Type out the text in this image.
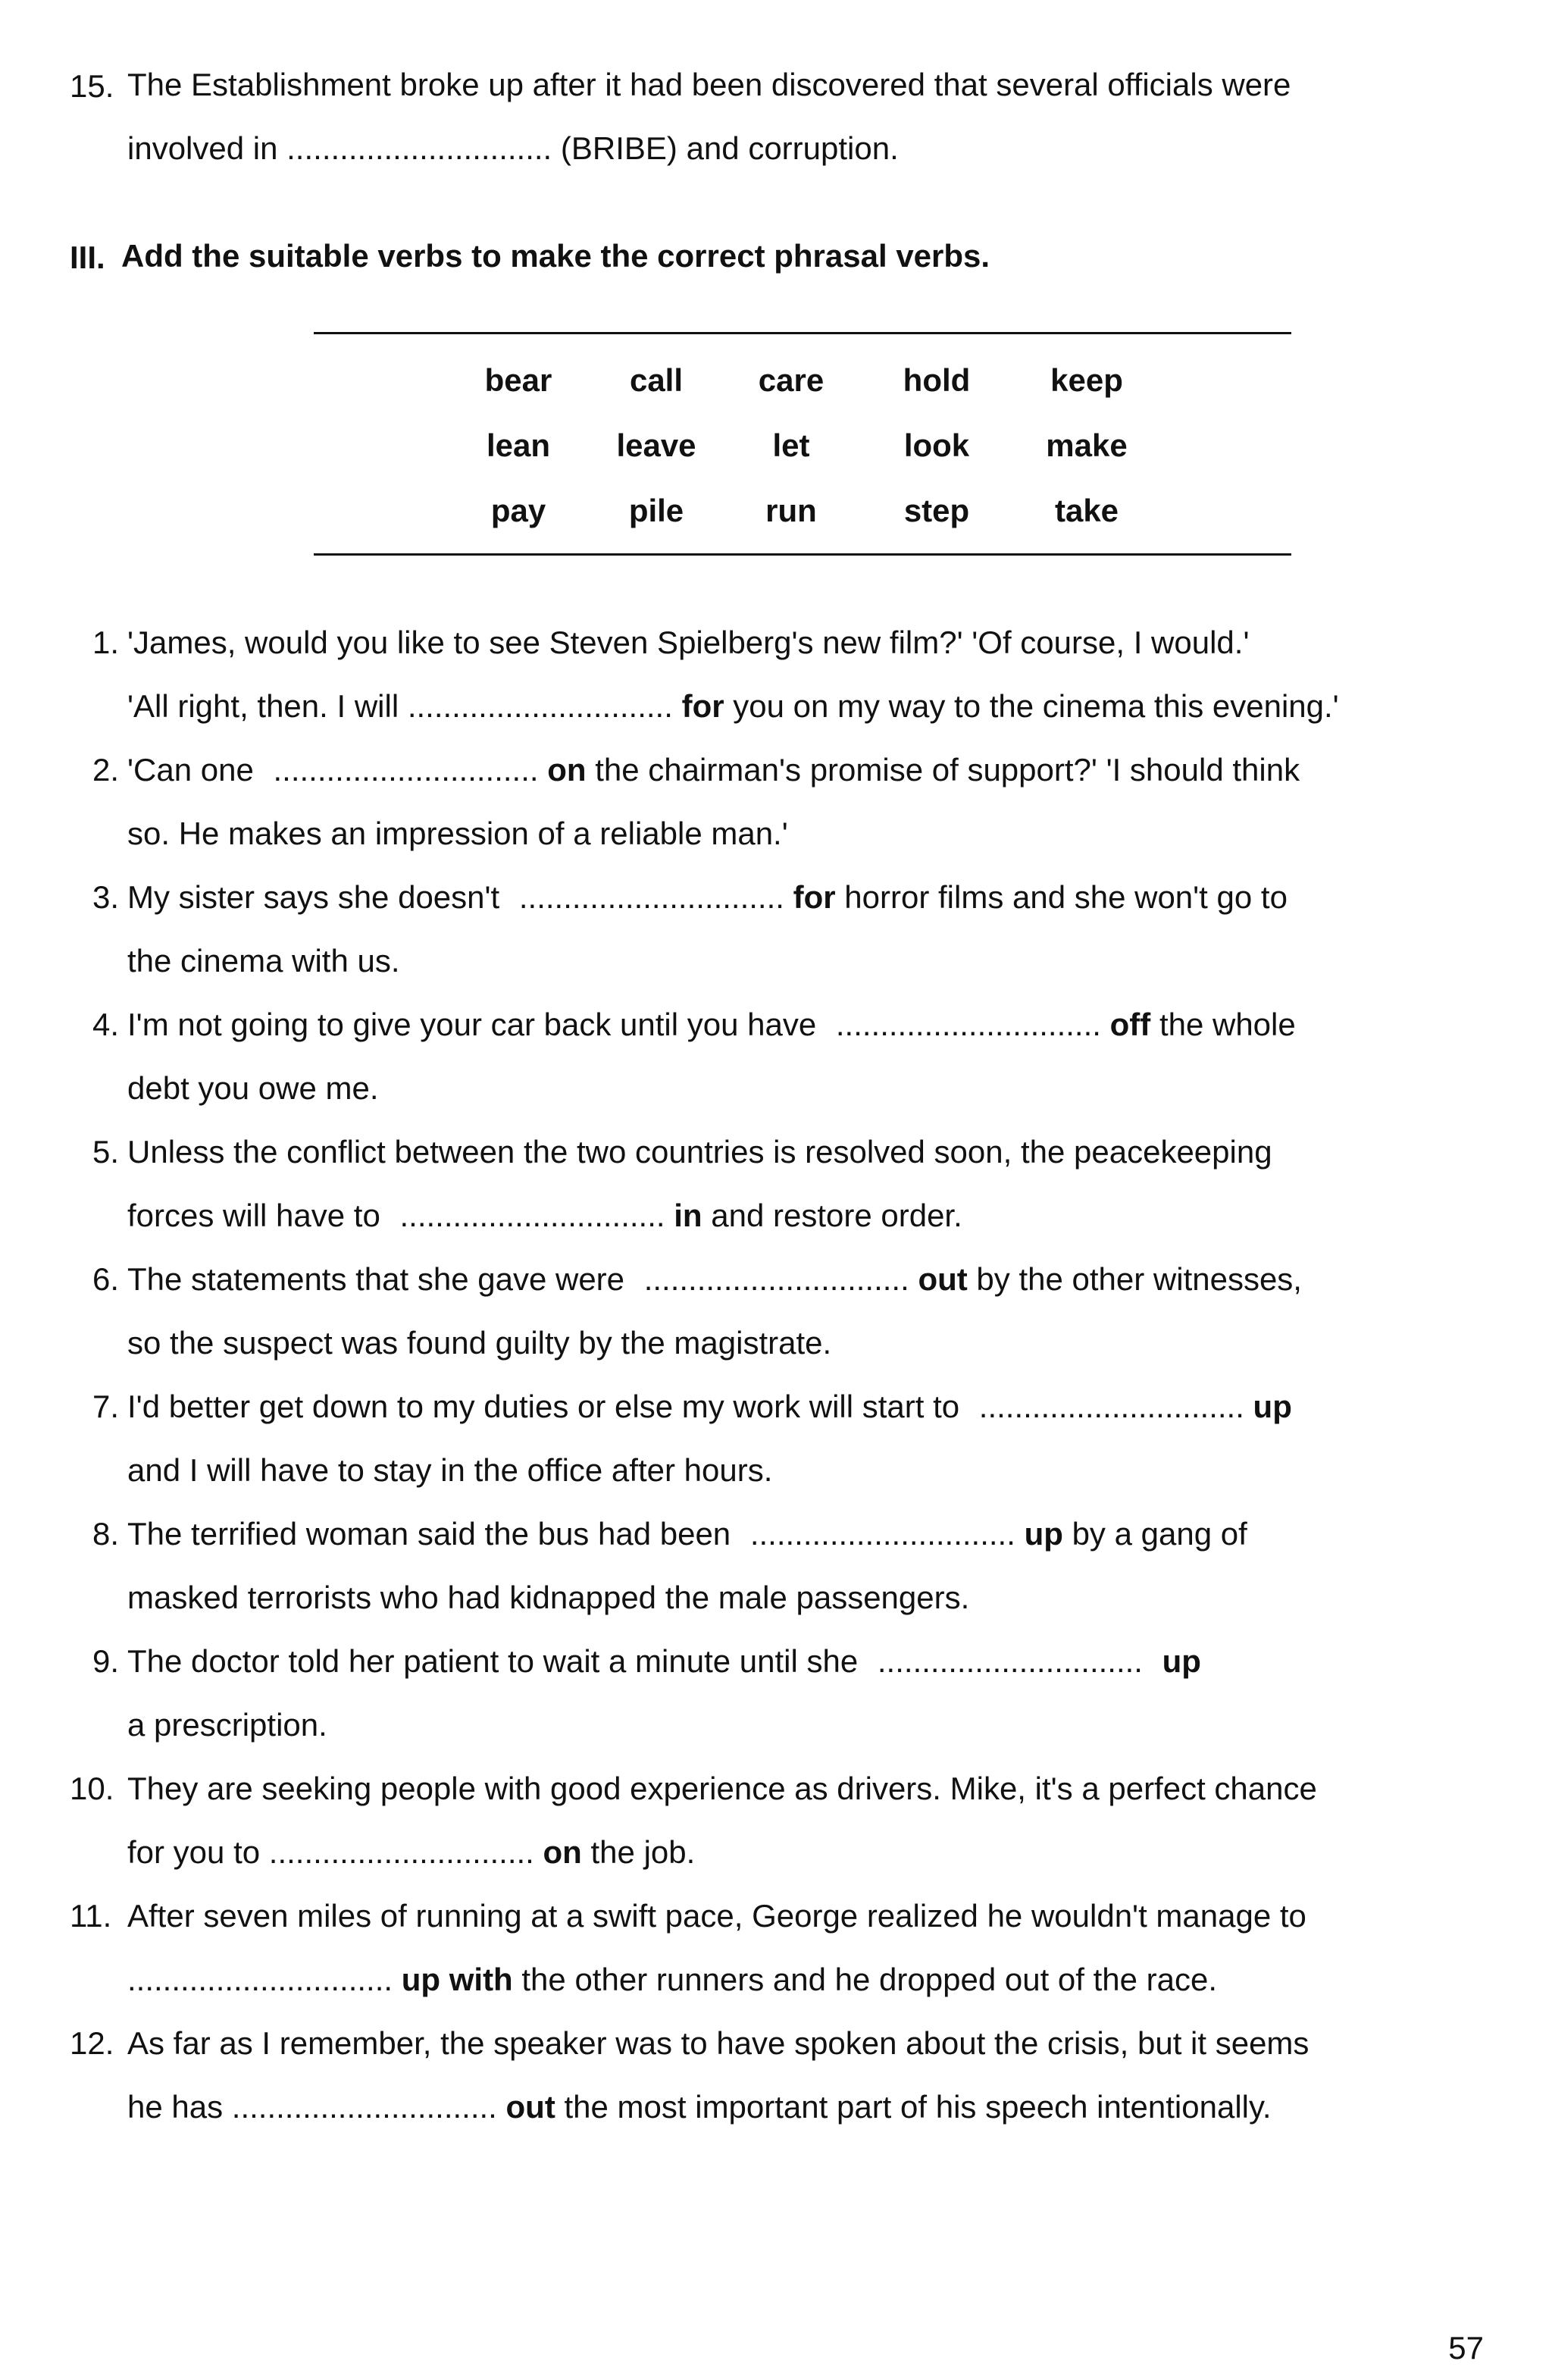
15. The Establishment broke up after it had been discovered that several officials were
involved in .............................. (BRIBE) and corruption.
III. Add the suitable verbs to make the correct phrasal verbs.
bear	call	care	hold	keep
lean	leave	let	look	make
pay	pile	run	step	take
1. 'James, would you like to see Steven Spielberg's new film?' 'Of course, I would.'
'All right, then. I will .............................. for you on my way to the cinema this evening.'
2. 'Can one .............................. on the chairman's promise of support?' 'I should think
so. He makes an impression of a reliable man.'
3. My sister says she doesn't .............................. for horror films and she won't go to
the cinema with us.
4. I'm not going to give your car back until you have .............................. off the whole
debt you owe me.
5. Unless the conflict between the two countries is resolved soon, the peacekeeping
forces will have to .............................. in and restore order.
6. The statements that she gave were .............................. out by the other witnesses,
so the suspect was found guilty by the magistrate.
7. I'd better get down to my duties or else my work will start to .............................. up
and I will have to stay in the office after hours.
8. The terrified woman said the bus had been .............................. up by a gang of
masked terrorists who had kidnapped the male passengers.
9. The doctor told her patient to wait a minute until she .............................. up
a prescription.
10. They are seeking people with good experience as drivers. Mike, it's a perfect chance
for you to .............................. on the job.
11. After seven miles of running at a swift pace, George realized he wouldn't manage to
.............................. up with the other runners and he dropped out of the race.
12. As far as I remember, the speaker was to have spoken about the crisis, but it seems
he has .............................. out the most important part of his speech intentionally.
57
